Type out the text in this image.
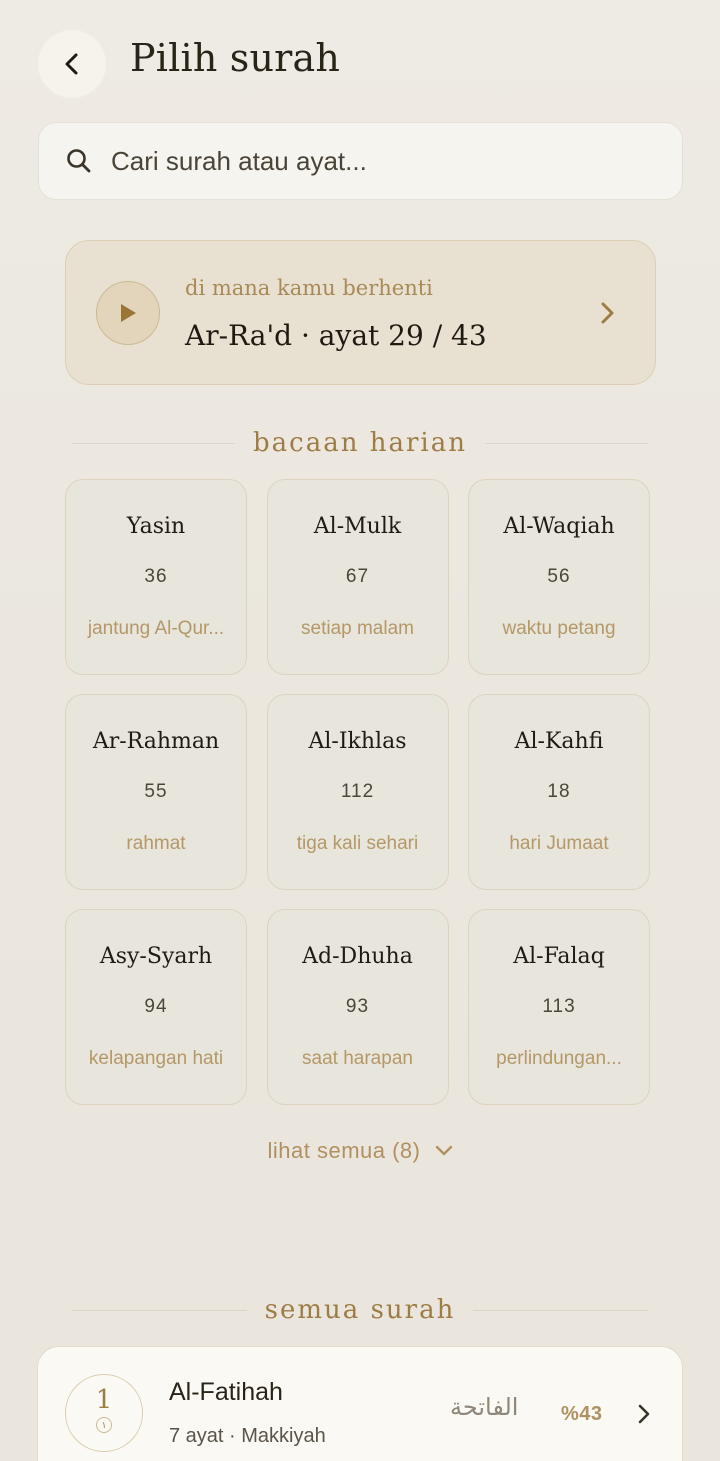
Pilih surah
Cari surah atau ayat...
di mana kamu berhenti
Ar-Ra'd · ayat 29 / 43
bacaan harian
Yasin
36
jantung Al-Qur...
Al-Mulk
67
setiap malam
Al-Waqiah
56
waktu petang
Ar-Rahman
55
rahmat
Al-Ikhlas
112
tiga kali sehari
Al-Kahfi
18
hari Jumaat
Asy-Syarh
94
kelapangan hati
Ad-Dhuha
93
saat harapan
Al-Falaq
113
perlindungan...
lihat semua (8)
semua surah
1
١
Al-Fatihah
7 ayat · Makkiyah
الفاتحة %43
